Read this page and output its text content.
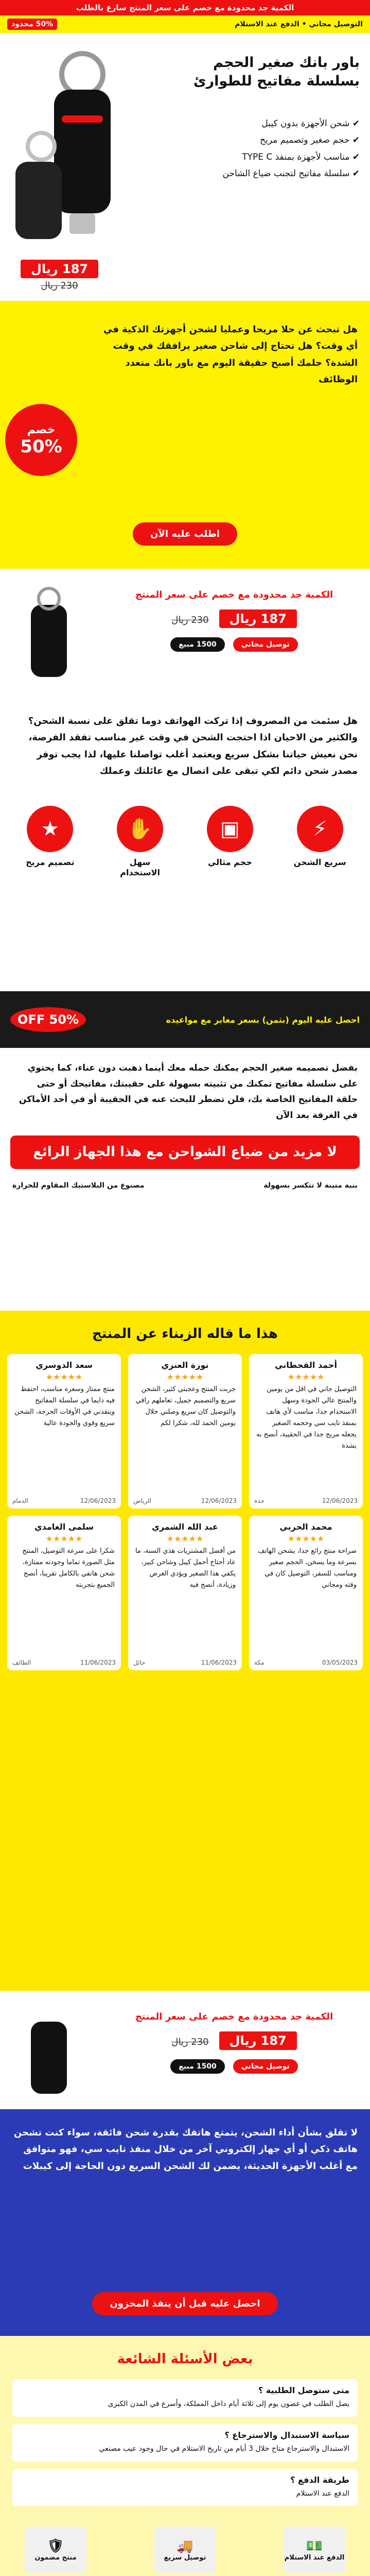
الكمية جد محدودة مع خصم على سعر المنتج سارع بالطلب
التوصيل مجاني • الدفع عند الاستلام
50% محدود
باور بانك صغير الحجم بسلسلة مفاتيح للطوارئ
✔ شحن الأجهزة بدون كيبل
✔ حجم صغير وتصميم مريح
✔ مناسب لأجهزة بمنفذ TYPE C
✔ سلسلة مفاتيح لتجنب ضياع الشاحن
187 ريال
230 ريال
هل تبحث عن حلا مريحا وعمليا لشحن أجهزتك الذكية في أي وقت؟ هل تحتاج إلى شاحن صغير يرافقك في وقت الشدة؟ حلمك أصبح حقيقة اليوم مع باور بانك متعدد الوظائف
خصم
50%
اطلب عليه الآن
الكمية جد محدودة مع خصم على سعر المنتج
187 ريال
230 ريال
توصيل مجاني
1500 مبيع
هل سئمت من المصروف إذا تركت الهواتف دوما تقلق على نسبة الشحن؟ والكثير من الاحيان اذا احتجت الشحن في وقت غير مناسب تفقد الفرصة، نحن نعيش حياتنا بشكل سريع ويعتمد أغلب تواصلنا عليها، لذا يجب توفر مصدر شحن دائم لكي تبقى على اتصال مع عائلتك وعملك
⚡
سريع الشحن
▣
حجم مثالي
✋
سهل الاستخدام
★
تصميم مريح
احصل عليه اليوم (بثمن) بسعر مغاير مع مواعيده
50% OFF
بفضل تصميمه صغير الحجم يمكنك حمله معك أينما ذهبت دون عناء، كما يحتوي على سلسلة مفاتيح تمكنك من تثبيته بسهولة على حقيبتك، مفاتيحك أو حتى حلقة المفاتيح الخاصة بك، فلن تضطر للبحث عنه في الحقيبة أو في أحد الأماكن في الغرفة بعد الآن
لا مزيد من ضياع الشواحن مع هذا الجهاز الرائع
بنية متينة لا تتكسر بسهولة
مصنوع من البلاستيك المقاوم للحرارة
هذا ما قاله الزبناء عن المنتج
أحمد القحطاني
★★★★★
التوصيل جاني في اقل من يومين والمنتج عالي الجودة وسهل الاستخدام جدا، مناسب لأي هاتف بمنفذ تايب سي وحجمه الصغير يجعله مريح جدا في الحقيبة، أنصح به بشدة
12/06/2023
جدة
نورة العنزي
★★★★★
جربت المنتج وعجبني كثير، الشحن سريع والتصميم جميل، تعاملهم راقي والتوصيل كان سريع وصلني خلال يومين الحمد لله، شكرا لكم
12/06/2023
الرياض
سعد الدوسري
★★★★★
منتج ممتاز وسعره مناسب، احتفظ فيه دايما في سلسلة المفاتيح وينقذني في الأوقات الحرجة، الشحن سريع وقوي والجودة عالية
12/06/2023
الدمام
محمد الحربي
★★★★★
صراحة منتج رائع جدا، يشحن الهاتف بسرعة وما يسخن، الحجم صغير ومناسب للسفر، التوصيل كان في وقته ومجاني
03/05/2023
مكة
عبد الله الشمري
★★★★★
من أفضل المشتريات هذي السنة، ما عاد أحتاج أحمل كيبل وشاحن كبير، يكفي هذا الصغير ويؤدي الغرض وزيادة، أنصح فيه
11/06/2023
حائل
سلمى الغامدي
★★★★★
شكرا على سرعة التوصيل، المنتج مثل الصورة تماما وجودته ممتازة، شحن هاتفي بالكامل تقريبا، أنصح الجميع بتجربته
11/06/2023
الطائف
الكمية جد محدودة مع خصم على سعر المنتج
187 ريال
230 ريال
توصيل مجاني
1500 مبيع
لا تقلق بشأن أداء الشحن، يتمتع هاتفك بقدرة شحن فائقة، سواء كنت تشحن هاتف ذكي أو أي جهاز إلكتروني آخر من خلال منفذ تايب سي، فهو متوافق مع أغلب الأجهزة الحديثة، يضمن لك الشحن السريع دون الحاجة إلى كيبلات
احصل عليه قبل أن ينفذ المخزون
بعض الأسئلة الشائعة
متى ستوصل الطلبية ؟
يصل الطلب في غضون يوم إلى ثلاثة أيام داخل المملكة، وأسرع في المدن الكبرى
سياسة الاستبدال والاسترجاع ؟
الاستبدال والاسترجاع متاح خلال 3 أيام من تاريخ الاستلام في حال وجود عيب مصنعي
طريقة الدفع ؟
الدفع عند الاستلام
💵
الدفع عند الاستلام
🚚
توصيل سريع
🛡
منتج مضمون
